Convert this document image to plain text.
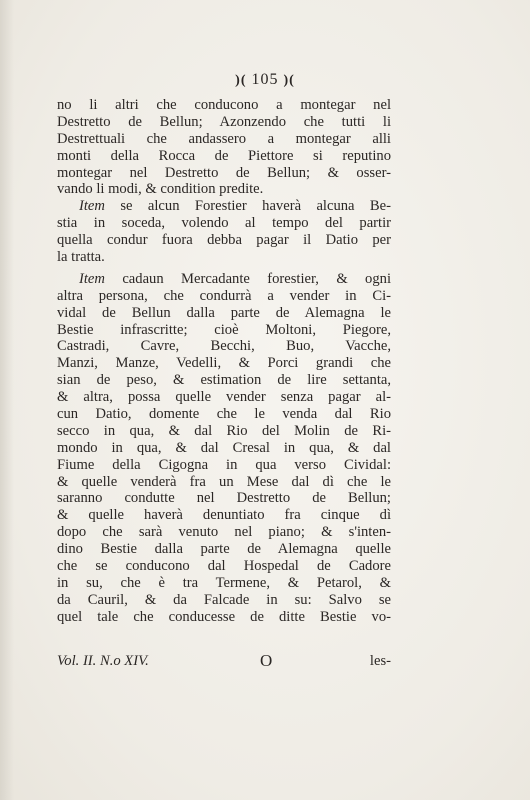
)( 105 )(
no li altri che conducono a montegar nel
Destretto de Bellun; Azonzendo che tutti li
Destrettuali che andassero a montegar alli
monti della Rocca de Piettore si reputino
montegar nel Destretto de Bellun; & osser-
vando li modi, & condition predite.
Item se alcun Forestier haverà alcuna Be-
stia in soceda, volendo al tempo del partir
quella condur fuora debba pagar il Datio per
la tratta.
Item cadaun Mercadante forestier, & ogni
altra persona, che condurrà a vender in Ci-
vidal de Bellun dalla parte de Alemagna le
Bestie infrascritte; cioè Moltoni, Piegore,
Castradi, Cavre, Becchi, Buo, Vacche,
Manzi, Manze, Vedelli, & Porci grandi che
sian de peso, & estimation de lire settanta,
& altra, possa quelle vender senza pagar al-
cun Datio, domente che le venda dal Rio
secco in qua, & dal Rio del Molin de Ri-
mondo in qua, & dal Cresal in qua, & dal
Fiume della Cigogna in qua verso Cividal:
& quelle venderà fra un Mese dal dì che le
saranno condutte nel Destretto de Bellun;
& quelle haverà denuntiato fra cinque dì
dopo che sarà venuto nel piano; & s'inten-
dino Bestie dalla parte de Alemagna quelle
che se conducono dal Hospedal de Cadore
in su, che è tra Termene, & Petarol, &
da Cauril, & da Falcade in su: Salvo se
quel tale che conducesse de ditte Bestie vo-
Vol. II. N.o XIV.	O	les-
